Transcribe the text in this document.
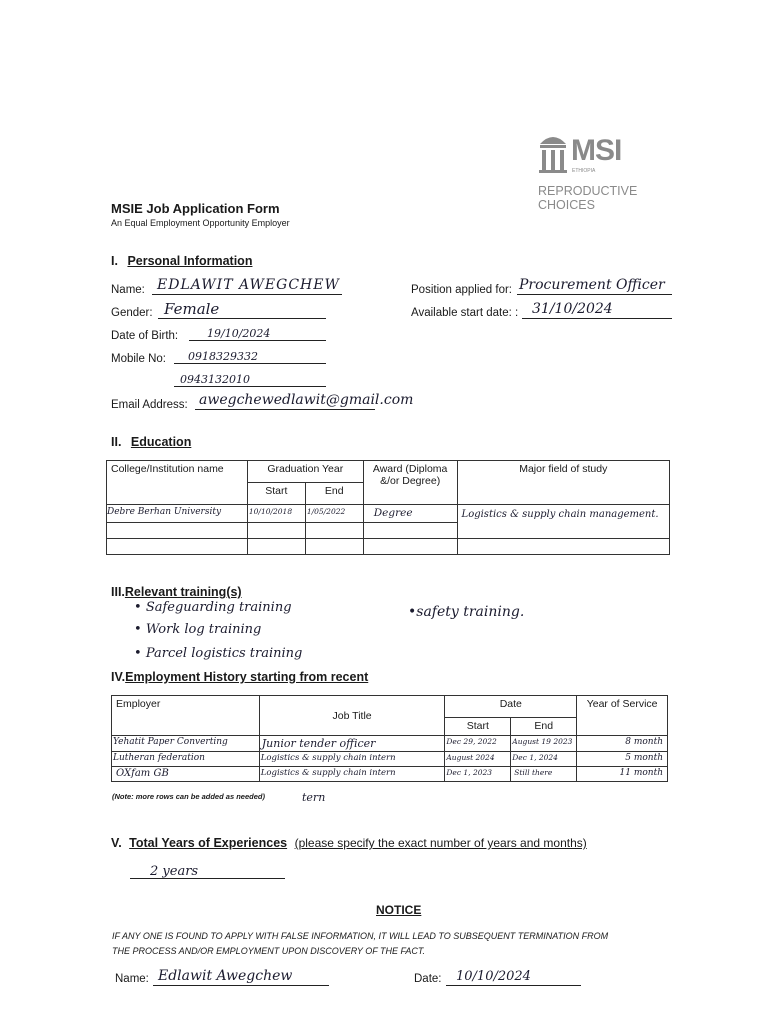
MSI
ETHIOPIA
REPRODUCTIVE
CHOICES
MSIE Job Application Form
An Equal Employment Opportunity Employer
I. Personal Information
Name: EDLAWIT AWEGCHEW
Gender: Female
Date of Birth:	19/10/2024
Mobile No:	0918329332
0943132010
Email Address: awegchewedlawit@gmail.com
Position applied for: Procurement Officer
Available start date: : 31/10/2024
II. Education
College/Institution name	Graduation Year		Award (Diploma &/or Degree)	Major field of study
	Start	End		
Debre Berhan University	10/10/2018	1/05/2022	Degree	Logistics & supply chain management.

III.Relevant training(s)
• Safeguarding training
• Work log training
• Parcel logistics training
•safety training.
IV.Employment History starting from recent
Employer	Job Title	Date		Year of Service
		Start	End	
Yehatit Paper Converting	Junior tender officer	Dec 29, 2022	August 19 2023	8 month
Lutheran federation	Logistics & supply chain intern	August 2024	Dec 1, 2024	5 month
OXfam GB	Logistics & supply chain intern	Dec 1, 2023	Still there	11 month
(Note: more rows can be added as needed)	tern
V. Total Years of Experiences (please specify the exact number of years and months)
2 years
NOTICE
IF ANY ONE IS FOUND TO APPLY WITH FALSE INFORMATION, IT WILL LEAD TO SUBSEQUENT TERMINATION FROM
THE PROCESS AND/OR EMPLOYMENT UPON DISCOVERY OF THE FACT.
Name: Edlawit Awegchew	Date:	10/10/2024
